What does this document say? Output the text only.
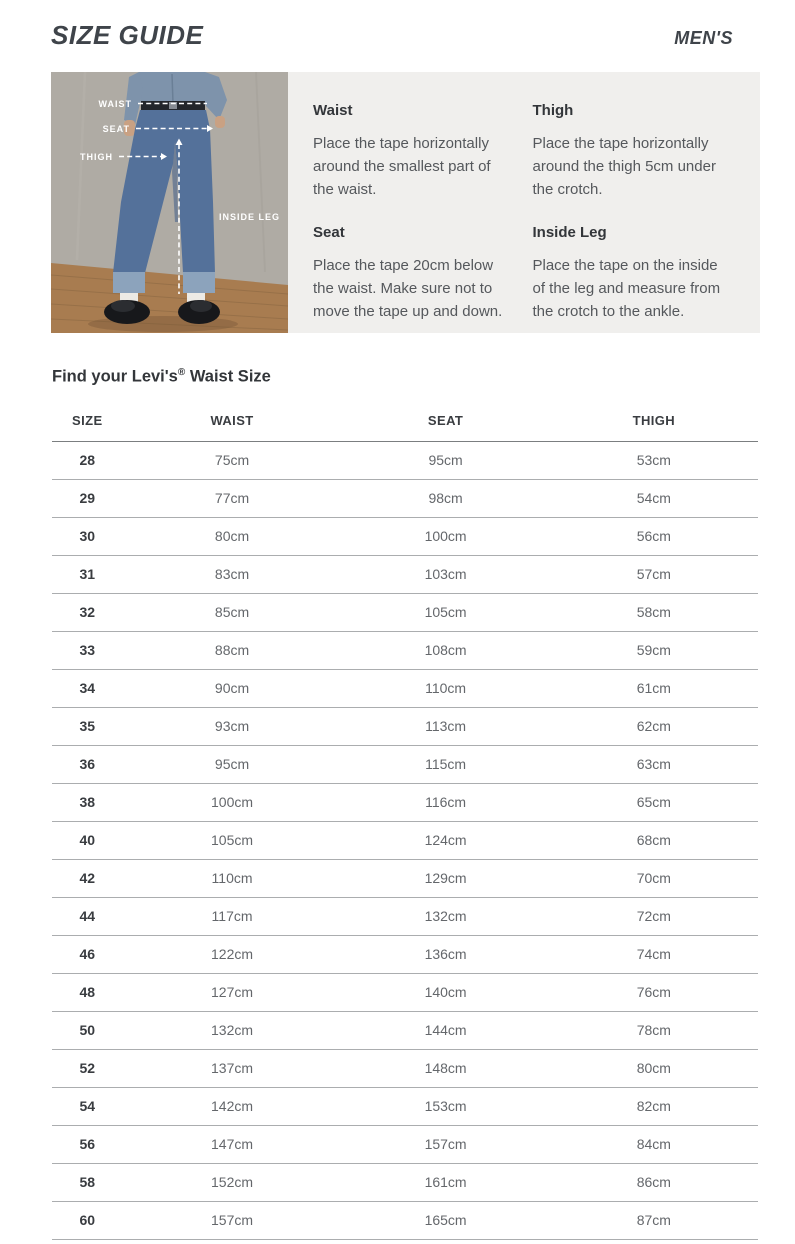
SIZE GUIDE	MEN'S
WAIST
SEAT
THIGH
INSIDE LEG
Waist

Place the tape horizontally around the smallest part of the waist.

Thigh

Place the tape horizontally around the thigh 5cm under the crotch.

Seat

Place the tape 20cm below the waist. Make sure not to move the tape up and down.

Inside Leg

Place the tape on the inside of the leg and measure from the crotch to the ankle.

Find your Levi's® Waist Size
SIZE	WAIST	SEAT	THIGH
28	75cm	95cm	53cm
29	77cm	98cm	54cm
30	80cm	100cm	56cm
31	83cm	103cm	57cm
32	85cm	105cm	58cm
33	88cm	108cm	59cm
34	90cm	110cm	61cm
35	93cm	113cm	62cm
36	95cm	115cm	63cm
38	100cm	116cm	65cm
40	105cm	124cm	68cm
42	110cm	129cm	70cm
44	117cm	132cm	72cm
46	122cm	136cm	74cm
48	127cm	140cm	76cm
50	132cm	144cm	78cm
52	137cm	148cm	80cm
54	142cm	153cm	82cm
56	147cm	157cm	84cm
58	152cm	161cm	86cm
60	157cm	165cm	87cm
